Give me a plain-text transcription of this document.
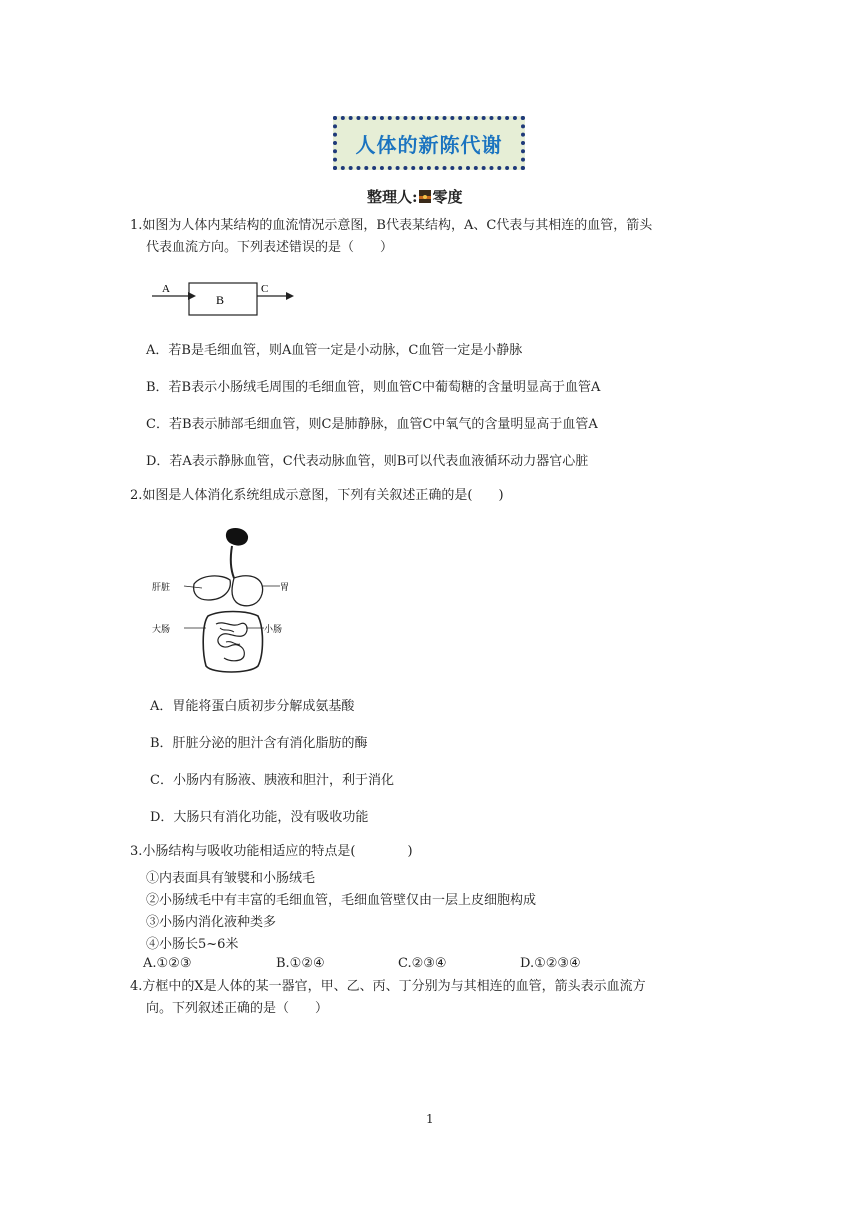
人体的新陈代谢
整理人: 零度
1.如图为人体内某结构的血流情况示意图，B代表某结构，A、C代表与其相连的血管，箭头
代表血流方向。下列表述错误的是（　　）
A
B
C
A．若B是毛细血管，则A血管一定是小动脉，C血管一定是小静脉
B．若B表示小肠绒毛周围的毛细血管，则血管C中葡萄糖的含量明显高于血管A
C．若B表示肺部毛细血管，则C是肺静脉，血管C中氧气的含量明显高于血管A
D．若A表示静脉血管，C代表动脉血管，则B可以代表血液循环动力器官心脏
2.如图是人体消化系统组成示意图，下列有关叙述正确的是(　　)
肝脏	胃
大肠	小肠
A．胃能将蛋白质初步分解成氨基酸
B．肝脏分泌的胆汁含有消化脂肪的酶
C．小肠内有肠液、胰液和胆汁，利于消化
D．大肠只有消化功能，没有吸收功能
3.小肠结构与吸收功能相适应的特点是(　　　　)
①内表面具有皱襞和小肠绒毛
②小肠绒毛中有丰富的毛细血管，毛细血管壁仅由一层上皮细胞构成
③小肠内消化液种类多
④小肠长5~6米
A.①②③	B.①②④	C.②③④	D.①②③④
4.方框中的X是人体的某一器官，甲、乙、丙、丁分别为与其相连的血管，箭头表示血流方
向。下列叙述正确的是（　　）
1
